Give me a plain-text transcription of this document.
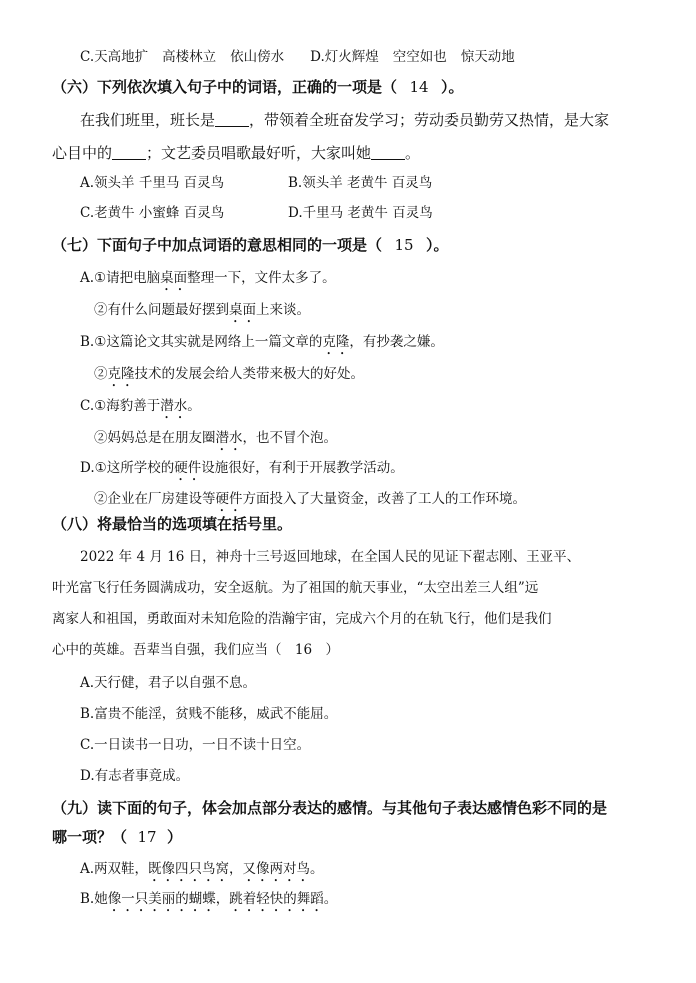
C.天高地扩 高楼林立 依山傍水 D.灯火辉煌 空空如也 惊天动地
（六）下列依次填入句子中的词语，正确的一项是（ 14 ）。
在我们班里，班长是 ，带领着全班奋发学习；劳动委员勤劳又热情，是大家
心目中的 ；文艺委员唱歌最好听，大家叫她 。
A.领头羊 千里马 百灵鸟	B.领头羊 老黄牛 百灵鸟
C.老黄牛 小蜜蜂 百灵鸟	D.千里马 老黄牛 百灵鸟
（七）下面句子中加点词语的意思相同的一项是（ 15 ）。
A.①请把电脑桌面整理一下，文件太多了。
②有什么问题最好摆到桌面上来谈。
B.①这篇论文其实就是网络上一篇文章的克隆，有抄袭之嫌。
②克隆技术的发展会给人类带来极大的好处。
C.①海豹善于潜水。
②妈妈总是在朋友圈潜水，也不冒个泡。
D.①这所学校的硬件设施很好，有利于开展教学活动。
②企业在厂房建设等硬件方面投入了大量资金，改善了工人的工作环境。
（八）将最恰当的选项填在括号里。
2022 年 4 月 16 日，神舟十三号返回地球，在全国人民的见证下翟志刚、王亚平、
叶光富飞行任务圆满成功，安全返航。为了祖国的航天事业，“太空出差三人组”远
离家人和祖国，勇敢面对未知危险的浩瀚宇宙，完成六个月的在轨飞行，他们是我们
心中的英雄。吾辈当自强，我们应当（ 16 ）
A.天行健，君子以自强不息。
B.富贵不能淫，贫贱不能移，威武不能屈。
C.一日读书一日功，一日不读十日空。
D.有志者事竟成。
（九）读下面的句子，体会加点部分表达的感情。与其他句子表达感情色彩不同的是
哪一项？（ 17 ）
A.两双鞋，既像四只鸟窝，又像两对鸟。
B.她像一只美丽的蝴蝶，跳着轻快的舞蹈。
